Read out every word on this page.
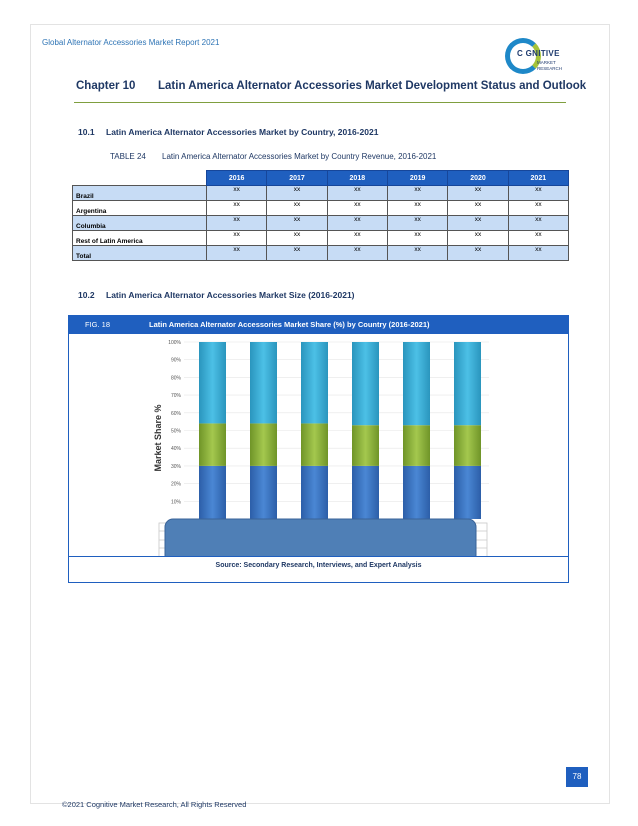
Global Alternator Accessories Market Report 2021
C GNITIVE
MARKET
RESEARCH
Chapter 10 Latin America Alternator Accessories Market Development Status and Outlook
10.1 Latin America Alternator Accessories Market by Country, 2016-2021
TABLE 24 Latin America Alternator Accessories Market by Country Revenue, 2016-2021
	2016	2017	2018	2019	2020	2021
Brazil	xx	xx	xx	xx	xx	xx
Argentina	xx	xx	xx	xx	xx	xx
Columbia	xx	xx	xx	xx	xx	xx
Rest of Latin America	xx	xx	xx	xx	xx	xx
Total	xx	xx	xx	xx	xx	xx
10.2 Latin America Alternator Accessories Market Size (2016-2021)
FIG. 18	Latin America Alternator Accessories Market Share (%) by Country (2016-2021)
10%
20%
30%
40%
50%
60%
70%
80%
90%
100%
Market Share %
Source: Secondary Research, Interviews, and Expert Analysis
78
©2021 Cognitive Market Research, All Rights Reserved
